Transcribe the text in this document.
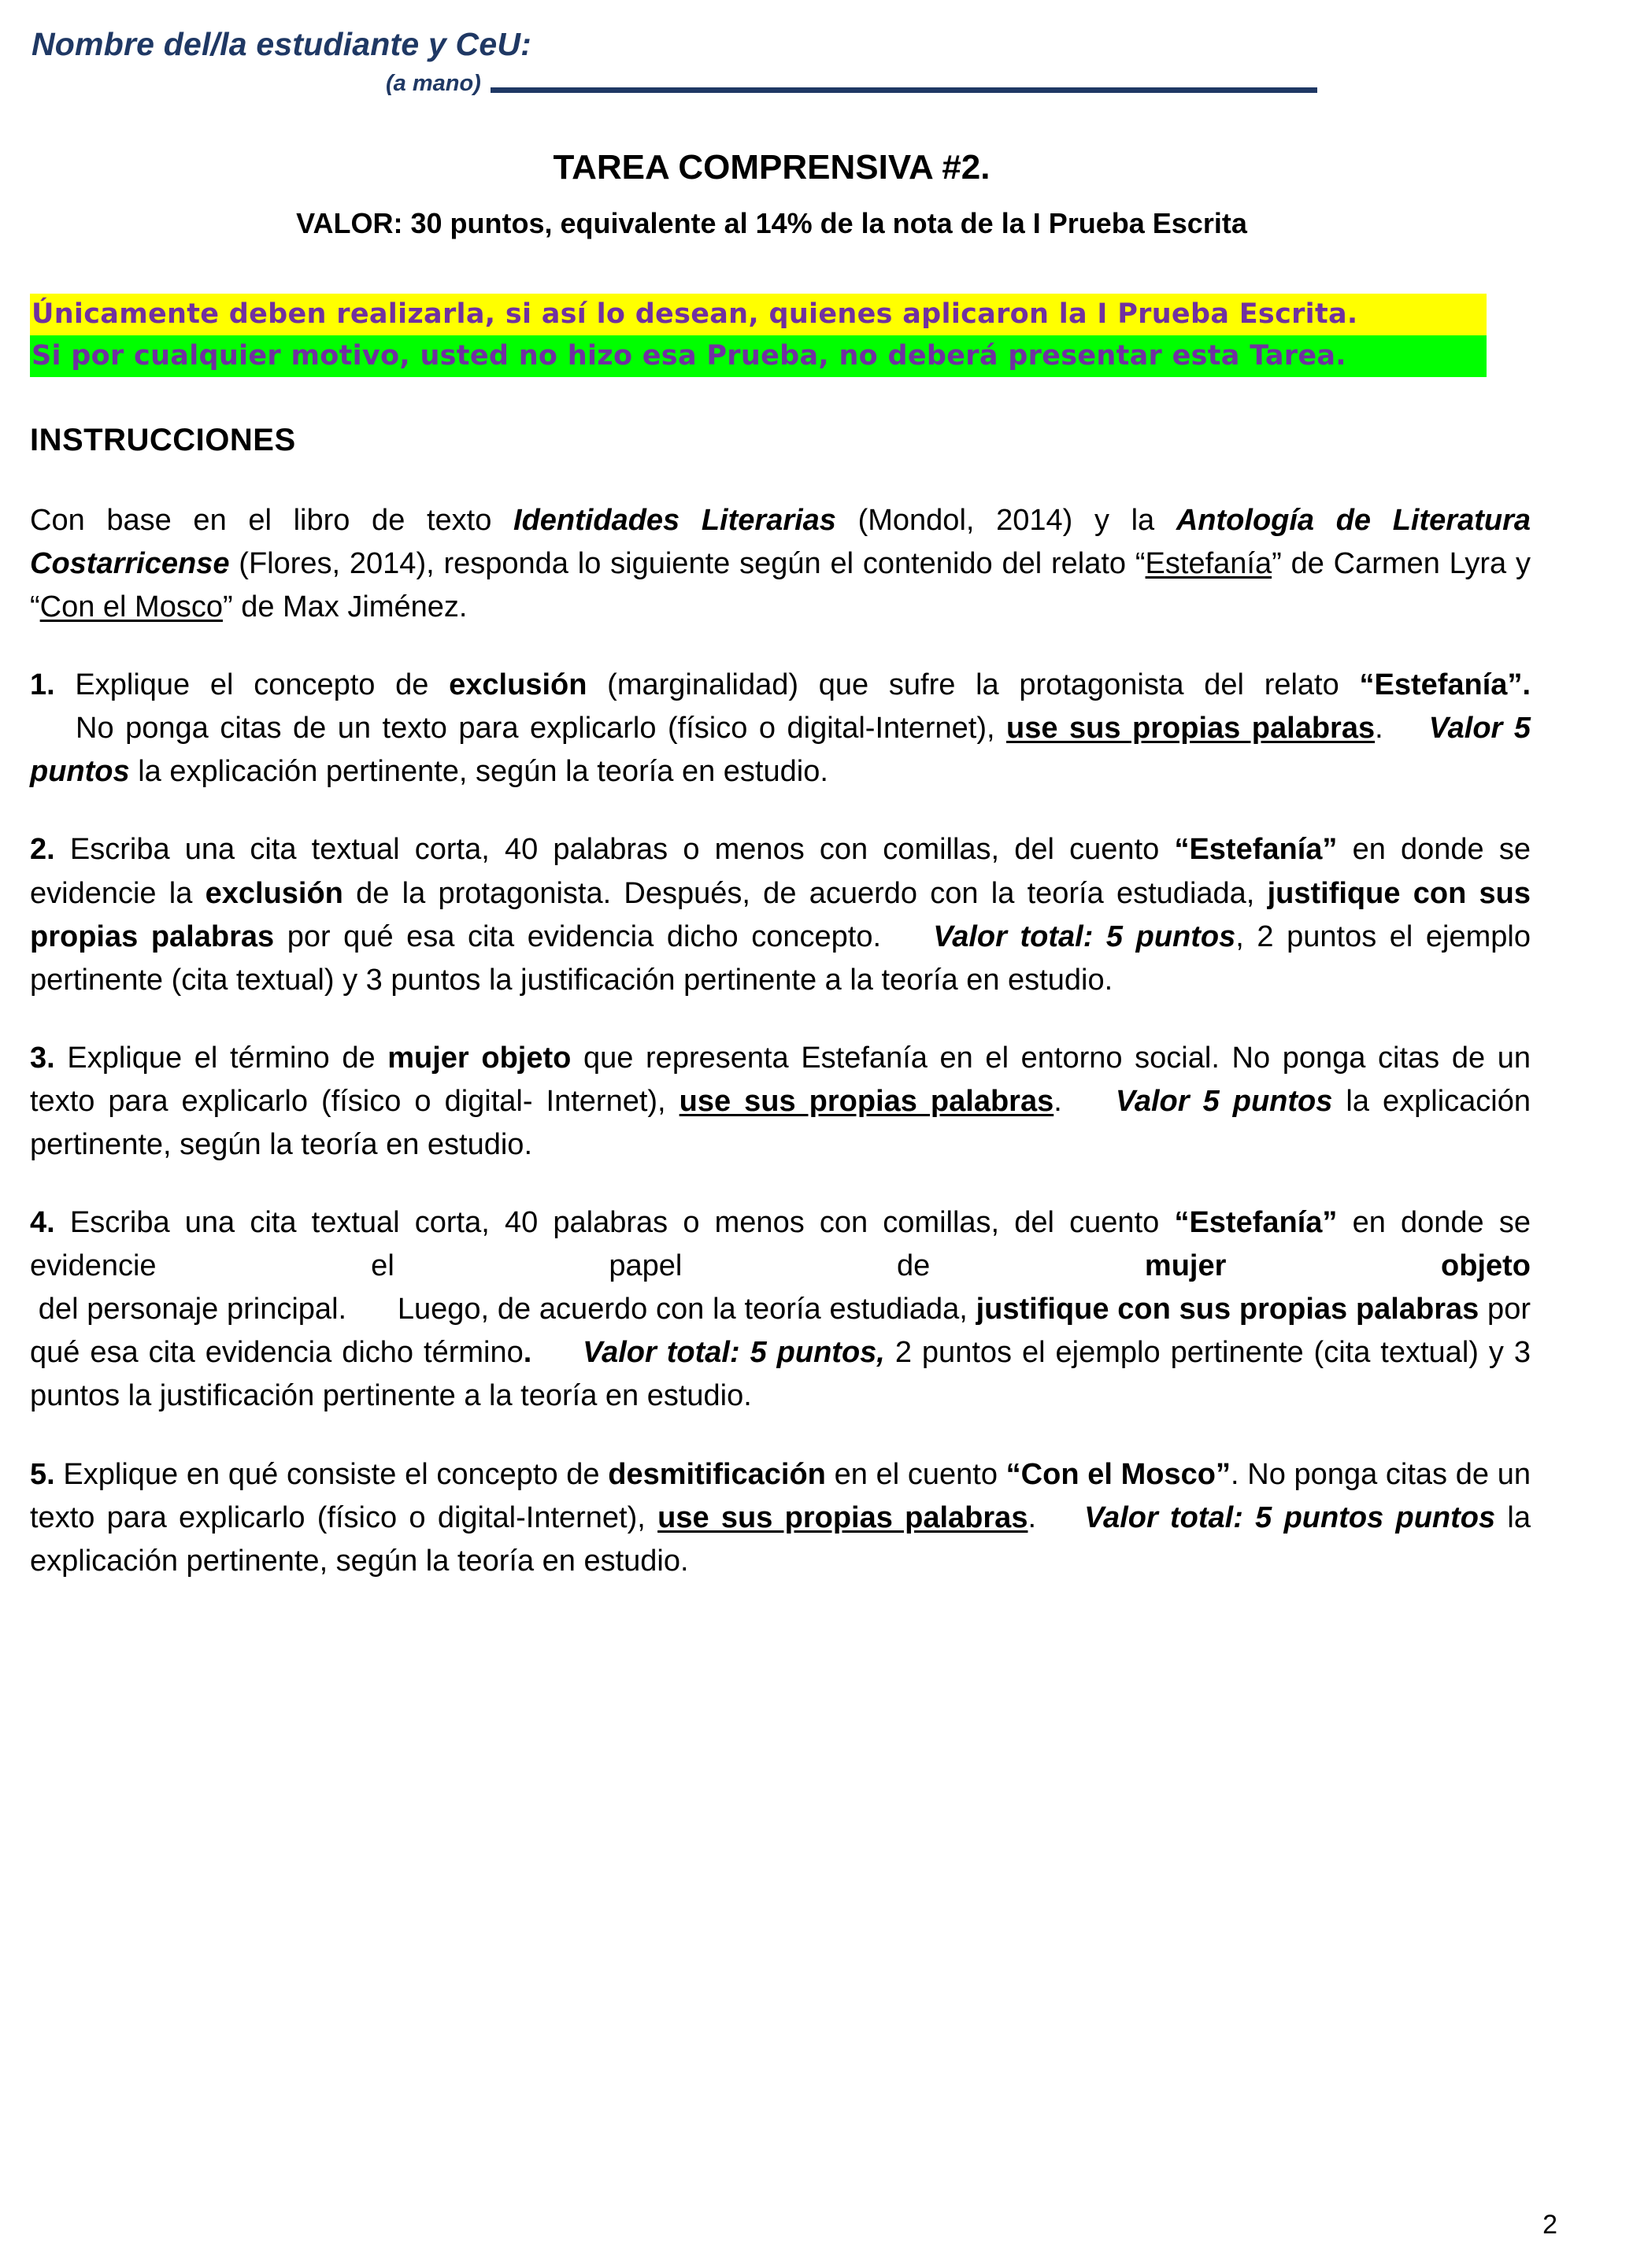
Nombre del/la estudiante y CeU:
(a mano)
TAREA COMPRENSIVA #2.
VALOR: 30 puntos, equivalente al 14% de la nota de la I Prueba Escrita
Únicamente deben realizarla, si así lo desean, quienes aplicaron la I Prueba Escrita.
Si por cualquier motivo, usted no hizo esa Prueba, no deberá presentar esta Tarea.
INSTRUCCIONES

Con base en el libro de texto Identidades Literarias (Mondol, 2014) y la Antología de Literatura Costarricense (Flores, 2014), responda lo siguiente según el contenido del relato “Estefanía” de Carmen Lyra y “Con el Mosco” de Max Jiménez.

1. Explique el concepto de exclusión (marginalidad) que sufre la protagonista del relato “Estefanía”.    No ponga citas de un texto para explicarlo (físico o digital-Internet), use sus propias palabras.    Valor 5 puntos la explicación pertinente, según la teoría en estudio.

2. Escriba una cita textual corta, 40 palabras o menos con comillas, del cuento “Estefanía” en donde se evidencie la exclusión de la protagonista. Después, de acuerdo con la teoría estudiada, justifique con sus propias palabras por qué esa cita evidencia dicho concepto.    Valor total: 5 puntos, 2 puntos el ejemplo pertinente (cita textual) y 3 puntos la justificación pertinente a la teoría en estudio.

3. Explique el término de mujer objeto que representa Estefanía en el entorno social. No ponga citas de un texto para explicarlo (físico o digital- Internet), use sus propias palabras.    Valor 5 puntos la explicación pertinente, según la teoría en estudio.

4. Escriba una cita textual corta, 40 palabras o menos con comillas, del cuento “Estefanía” en donde se evidencie el papel de mujer objeto del personaje principal.      Luego, de acuerdo con la teoría estudiada, justifique con sus propias palabras por qué esa cita evidencia dicho término.     Valor total: 5 puntos, 2 puntos el ejemplo pertinente (cita textual) y 3 puntos la justificación pertinente a la teoría en estudio.

5. Explique en qué consiste el concepto de desmitificación en el cuento “Con el Mosco”. No ponga citas de un texto para explicarlo (físico o digital-Internet), use sus propias palabras.    Valor total: 5 puntos puntos la explicación pertinente, según la teoría en estudio.

2
